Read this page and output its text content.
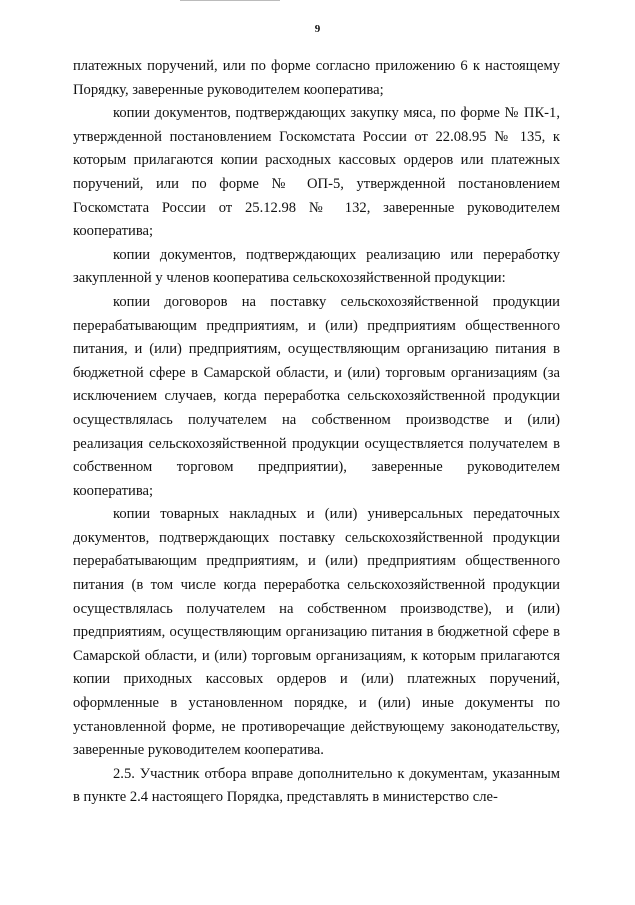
9

платежных поручений, или по форме согласно приложению 6 к настоящему Порядку, заверенные руководителем кооператива;

копии документов, подтверждающих закупку мяса, по форме № ПК-1, утвержденной постановлением Госкомстата России от 22.08.95 № 135, к которым прилагаются копии расходных кассовых ордеров или платежных поручений, или по форме № ОП-5, утвержденной постановлением Госкомстата России от 25.12.98 № 132, заверенные руководителем кооператива;

копии документов, подтверждающих реализацию или переработку закупленной у членов кооператива сельскохозяйственной продукции:

копии договоров на поставку сельскохозяйственной продукции перерабатывающим предприятиям, и (или) предприятиям общественного питания, и (или) предприятиям, осуществляющим организацию питания в бюджетной сфере в Самарской области, и (или) торговым организациям (за исключением случаев, когда переработка сельскохозяйственной продукции осуществлялась получателем на собственном производстве и (или) реализация сельскохозяйственной продукции осуществляется получателем в собственном торговом предприятии), заверенные руководителем кооператива;

копии товарных накладных и (или) универсальных передаточных документов, подтверждающих поставку сельскохозяйственной продукции перерабатывающим предприятиям, и (или) предприятиям общественного питания (в том числе когда переработка сельскохозяйственной продукции осуществлялась получателем на собственном производстве), и (или) предприятиям, осуществляющим организацию питания в бюджетной сфере в Самарской области, и (или) торговым организациям, к которым прилагаются копии приходных кассовых ордеров и (или) платежных поручений, оформленные в установленном порядке, и (или) иные документы по установленной форме, не противоречащие действующему законодательству, заверенные руководителем кооператива.

2.5. Участник отбора вправе дополнительно к документам, указанным в пункте 2.4 настоящего Порядка, представлять в министерство сле-
